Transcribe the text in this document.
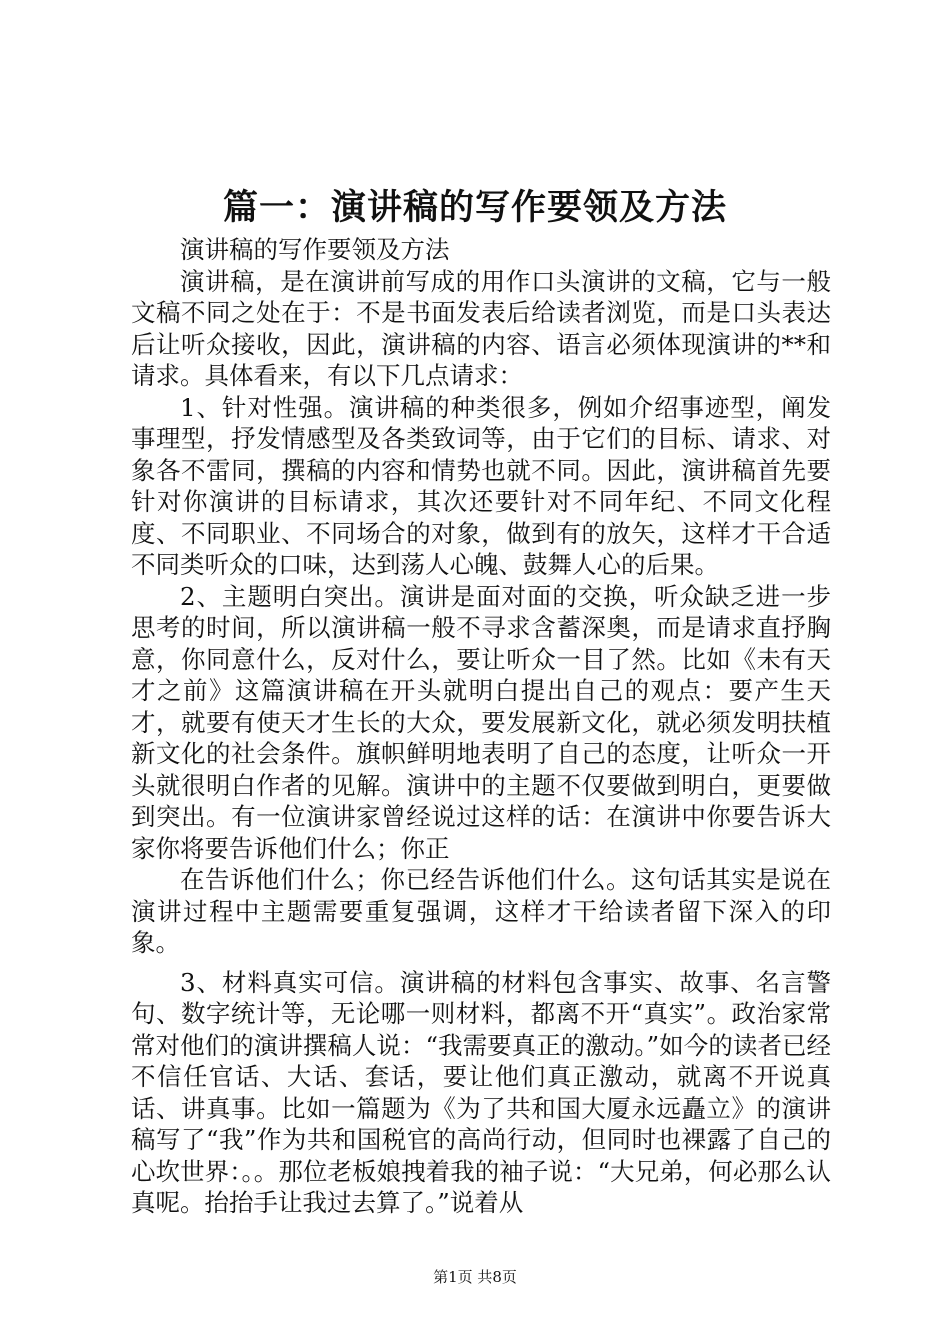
篇一：演讲稿的写作要领及方法

演讲稿的写作要领及方法

演讲稿，是在演讲前写成的用作口头演讲的文稿，它与一般文稿不同之处在于：不是书面发表后给读者浏览，而是口头表达后让听众接收，因此，演讲稿的内容、语言必须体现演讲的**和请求。具体看来，有以下几点请求：

1、针对性强。演讲稿的种类很多，例如介绍事迹型，阐发事理型，抒发情感型及各类致词等，由于它们的目标、请求、对象各不雷同，撰稿的内容和情势也就不同。因此，演讲稿首先要针对你演讲的目标请求，其次还要针对不同年纪、不同文化程度、不同职业、不同场合的对象，做到有的放矢，这样才干合适不同类听众的口味，达到荡人心魄、鼓舞人心的后果。

2、主题明白突出。演讲是面对面的交换，听众缺乏进一步思考的时间，所以演讲稿一般不寻求含蓄深奥，而是请求直抒胸意，你同意什么，反对什么，要让听众一目了然。比如《未有天才之前》这篇演讲稿在开头就明白提出自己的观点：要产生天才，就要有使天才生长的大众，要发展新文化，就必须发明扶植新文化的社会条件。旗帜鲜明地表明了自己的态度，让听众一开头就很明白作者的见解。演讲中的主题不仅要做到明白，更要做到突出。有一位演讲家曾经说过这样的话：在演讲中你要告诉大家你将要告诉他们什么；你正

在告诉他们什么；你已经告诉他们什么。这句话其实是说在演讲过程中主题需要重复强调，这样才干给读者留下深入的印象。

3、材料真实可信。演讲稿的材料包含事实、故事、名言警句、数字统计等，无论哪一则材料，都离不开“真实”。政治家常常对他们的演讲撰稿人说：“我需要真正的激动。”如今的读者已经不信任官话、大话、套话，要让他们真正激动，就离不开说真话、讲真事。比如一篇题为《为了共和国大厦永远矗立》的演讲稿写了“我”作为共和国税官的高尚行动，但同时也裸露了自己的心坎世界：。。那位老板娘拽着我的袖子说：“大兄弟，何必那么认真呢。抬抬手让我过去算了。”说着从

第1页 共8页
